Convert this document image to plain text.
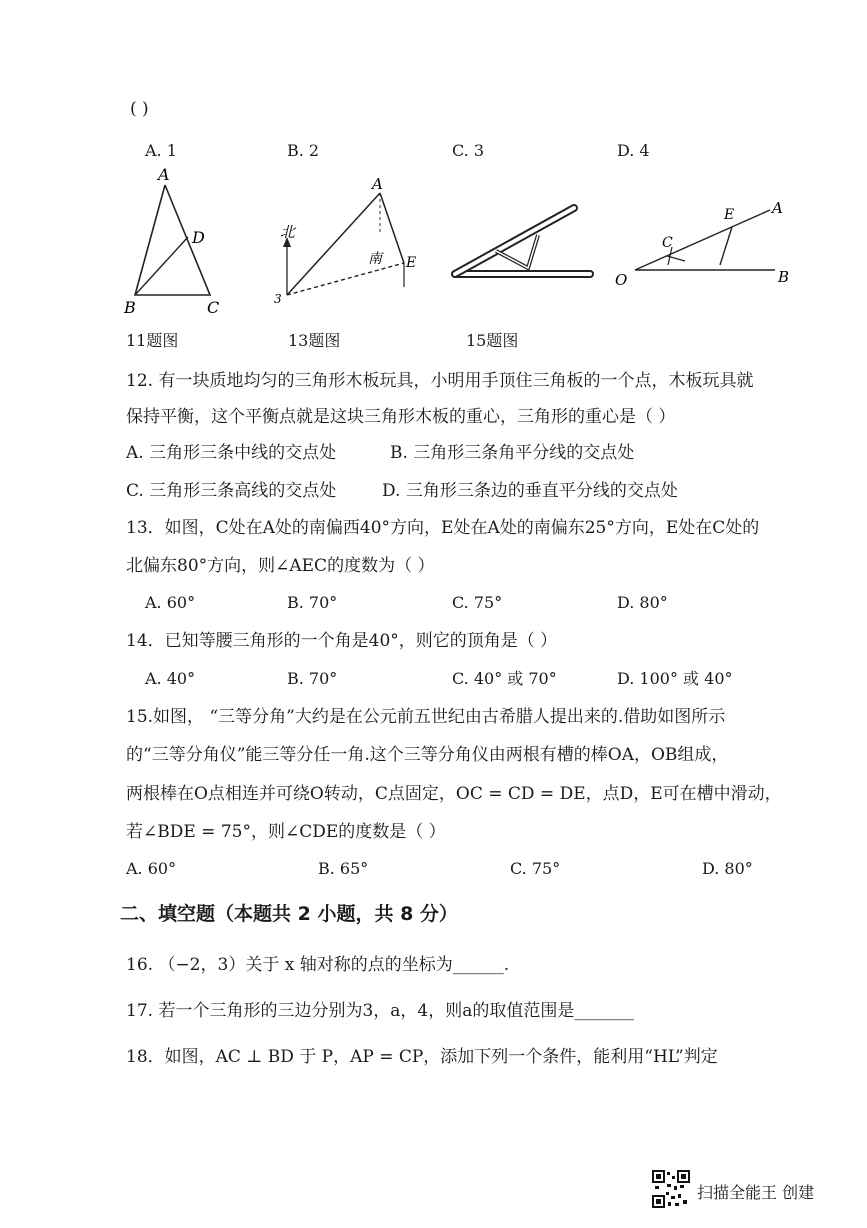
( )
A. 1	B. 2	C. 3	D. 4
A
D
B	C
北
南
A
E
3
O
A
B
C
E
11题图	13题图	15题图
12. 有一块质地均匀的三角形木板玩具，小明用手顶住三角板的一个点，木板玩具就
保持平衡，这个平衡点就是这块三角形木板的重心，三角形的重心是（ ）
A. 三角形三条中线的交点处	B. 三角形三条角平分线的交点处
C. 三角形三条高线的交点处	D. 三角形三条边的垂直平分线的交点处
13．如图，C处在A处的南偏西40°方向，E处在A处的南偏东25°方向，E处在C处的
北偏东80°方向，则∠AEC的度数为（ ）
A. 60°	B. 70°	C. 75°	D. 80°
14．已知等腰三角形的一个角是40°，则它的顶角是（ ）
A. 40°	B. 70°	C. 40° 或 70°	D. 100° 或 40°
15.如图， “三等分角”大约是在公元前五世纪由古希腊人提出来的.借助如图所示
的“三等分角仪”能三等分任一角.这个三等分角仪由两根有槽的棒OA，OB组成，
两根棒在O点相连并可绕O转动，C点固定，OC = CD = DE，点D，E可在槽中滑动，
若∠BDE = 75°，则∠CDE的度数是（ ）
A. 60°	B. 65°	C. 75°	D. 80°
二、填空题（本题共 2 小题，共 8 分）
16. （−2，3）关于 x 轴对称的点的坐标为______.
17. 若一个三角形的三边分别为3，a，4，则a的取值范围是_______
18．如图，AC ⊥ BD 于 P，AP = CP，添加下列一个条件，能利用“HL”判定
扫描全能王 创建
